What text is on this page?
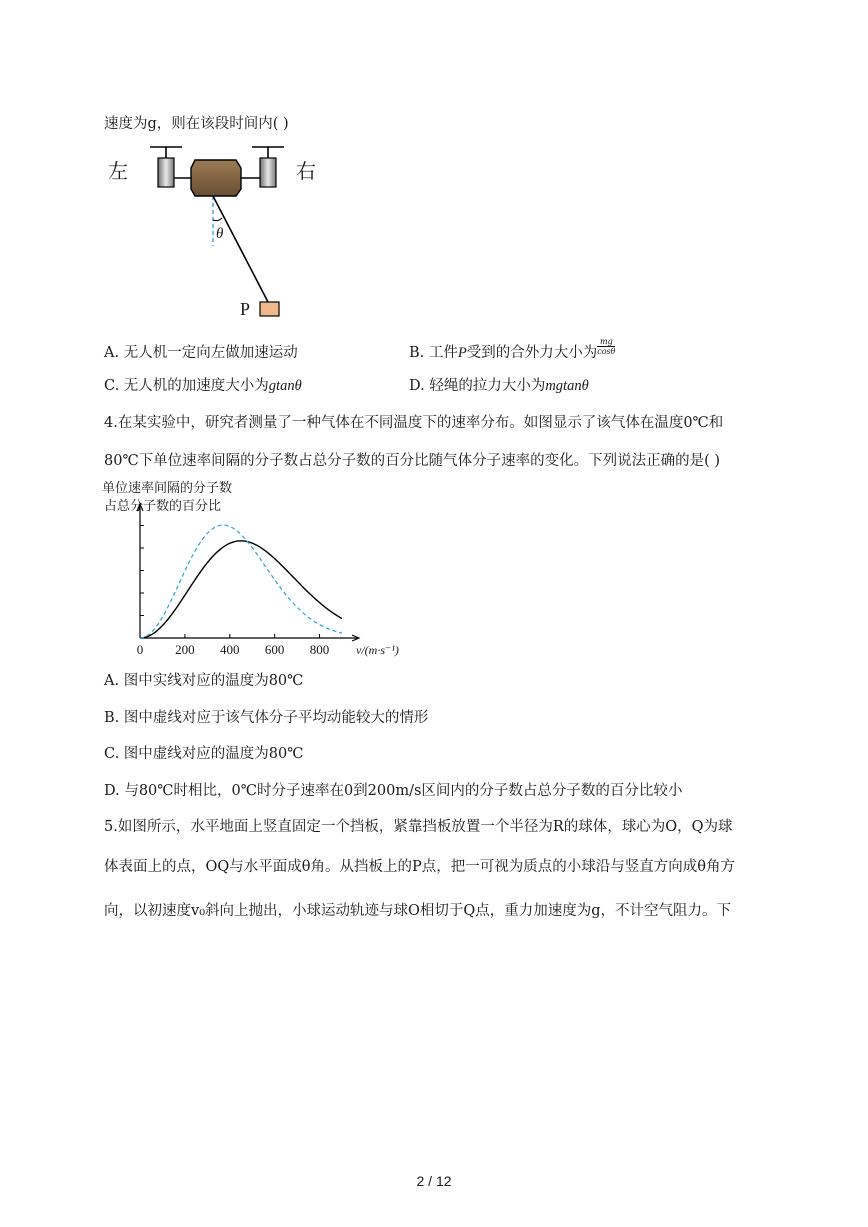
速度为g，则在该段时间内( )
左	右
θ
P
A. 无人机一定向左做加速运动	B. 工件P受到的合外力大小为 $\frac{mg}{\cos\theta}$
C. 无人机的加速度大小为gtanθ	D. 轻绳的拉力大小为mgtanθ
4.在某实验中，研究者测量了一种气体在不同温度下的速率分布。如图显示了该气体在温度0℃和
80℃下单位速率间隔的分子数占总分子数的百分比随气体分子速率的变化。下列说法正确的是( )
单位速率间隔的分子数
占总分子数的百分比
0 200 400 600 800 v/(m·s⁻¹)
A. 图中实线对应的温度为80℃
B. 图中虚线对应于该气体分子平均动能较大的情形
C. 图中虚线对应的温度为80℃
D. 与80℃时相比，0℃时分子速率在0到200m/s区间内的分子数占总分子数的百分比较小
5.如图所示，水平地面上竖直固定一个挡板，紧靠挡板放置一个半径为R的球体，球心为O，Q为球
体表面上的点，OQ与水平面成θ角。从挡板上的P点，把一可视为质点的小球沿与竖直方向成θ角方
向，以初速度v₀斜向上抛出，小球运动轨迹与球O相切于Q点，重力加速度为g，不计空气阻力。下
2 / 12
